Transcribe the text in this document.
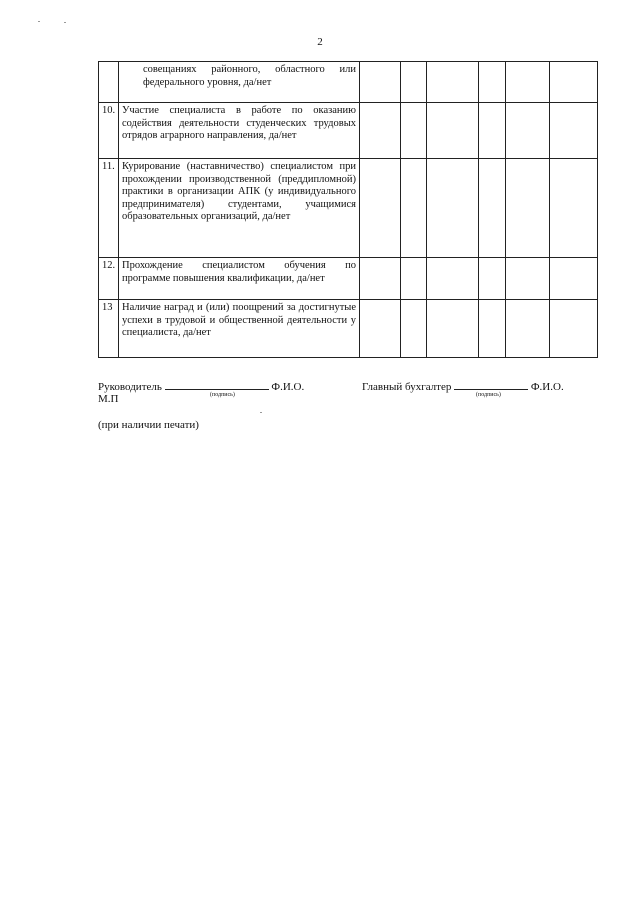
2
	совещаниях районного, областного или федерального уровня, да/нет						
10.	Участие специалиста в работе по оказанию содействия деятельности студенческих трудовых отрядов аграрного направления, да/нет						
11.	Курирование (наставничество) специалистом при прохождении производственной (преддипломной) практики в организации АПК (у индивидуального предпринимателя) студентами, учащимися образовательных организаций, да/нет						
12.	Прохождение специалистом обучения по программе повышения квалификации, да/нет						
13	Наличие наград и (или) поощрений за достигнутые успехи в трудовой и общественной деятельности у специалиста, да/нет						
Руководитель	Ф.И.О.
(подпись)
М.П
Главный бухгалтер	Ф.И.О.
(подпись)
(при наличии печати)
